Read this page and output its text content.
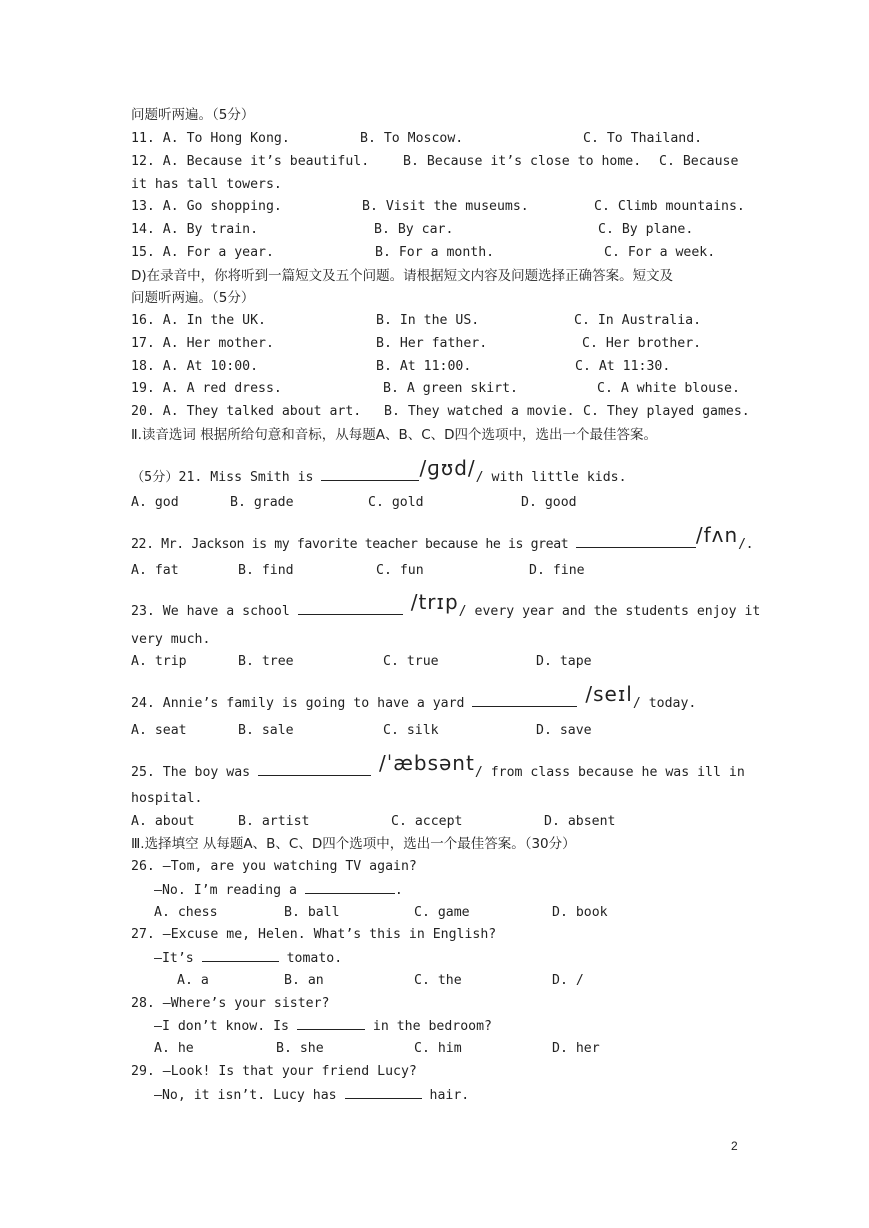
问题听两遍。（5分）
11. A. To Hong Kong.	B. To Moscow.	C. To Thailand.
12. A. Because it’s beautiful.	B. Because it’s close to home. C. Because
it has tall towers.
13. A. Go shopping.	B. Visit the museums.	C. Climb mountains.
14. A. By train.	B. By car.	C. By plane.
15. A. For a year.	B. For a month.	C. For a week.
D)在录音中，你将听到一篇短文及五个问题。请根据短文内容及问题选择正确答案。短文及
问题听两遍。（5分）
16. A. In the UK.	B. In the US.	C. In Australia.
17. A. Her mother.	B. Her father.	C. Her brother.
18. A. At 10:00.	B. At 11:00.	C. At 11:30.
19. A. A red dress.	B. A green skirt.	C. A white blouse.
20. A. They talked about art. B. They watched a movie. C. They played games.
Ⅱ.读音选词 根据所给句意和音标，从每题A、B、C、D四个选项中，选出一个最佳答案。
（5分）21. Miss Smith is	/ɡʊd// with little kids.
A. god	B. grade	C. gold	D. good
22. Mr. Jackson is my favorite teacher because he is great	/fʌn/.
A. fat	B. find	C. fun	D. fine
23. We have a school	/trɪp/ every year and the students enjoy it
very much.
A. trip	B. tree	C. true	D. tape
24. Annie’s family is going to have a yard	/seɪl/ today.
A. seat	B. sale	C. silk	D. save
25. The boy was	/ˈæbsənt/ from class because he was ill in
hospital.
A. about	B. artist	C. accept	D. absent
Ⅲ.选择填空 从每题A、B、C、D四个选项中，选出一个最佳答案。（30分）
26. —Tom, are you watching TV again?
—No. I’m reading a	.
A. chess	B. ball	C. game	D. book
27. —Excuse me, Helen. What’s this in English?
—It’s	tomato.
A. a	B. an	C. the	D. /
28. —Where’s your sister?
—I don’t know. Is	in the bedroom?
A. he	B. she	C. him	D. her
29. —Look! Is that your friend Lucy?
—No, it isn’t. Lucy has	hair.
2
